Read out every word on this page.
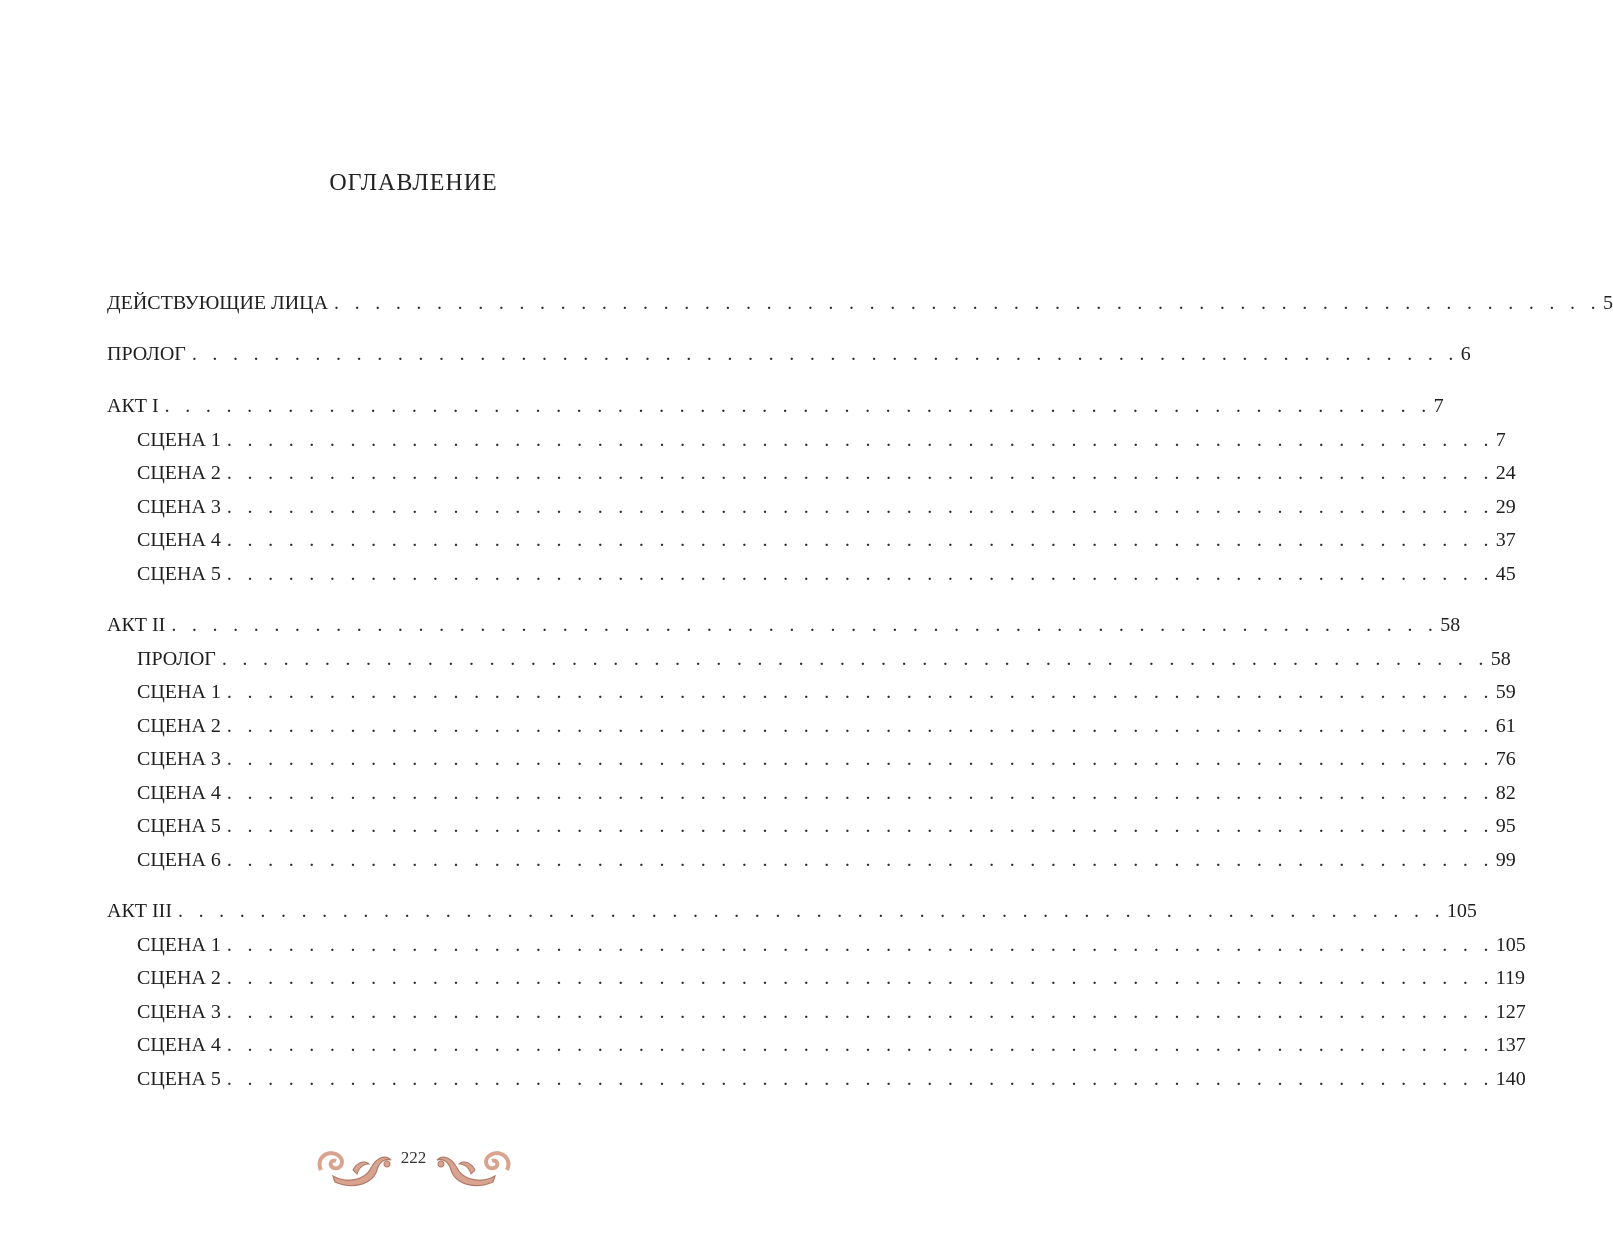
ОГЛАВЛЕНИЕ
ДЕЙСТВУЮЩИЕ ЛИЦА . . . . . . . . . . . . . . . . . . . . . . . . . . . . . . . . . . . . . . . . . . . . . . . . . . . . . . . . . . . . . . 5
ПРОЛОГ . . . . . . . . . . . . . . . . . . . . . . . . . . . . . . . . . . . . . . . . . . . . . . . . . . . . . . . . . . . . . . 6
АКТ I . . . . . . . . . . . . . . . . . . . . . . . . . . . . . . . . . . . . . . . . . . . . . . . . . . . . . . . . . . . . . . 7
СЦЕНА 1 . . . . . . . . . . . . . . . . . . . . . . . . . . . . . . . . . . . . . . . . . . . . . . . . . . . . . . . . . . . . . . 7
СЦЕНА 2 . . . . . . . . . . . . . . . . . . . . . . . . . . . . . . . . . . . . . . . . . . . . . . . . . . . . . . . . . . . . . . 24
СЦЕНА 3 . . . . . . . . . . . . . . . . . . . . . . . . . . . . . . . . . . . . . . . . . . . . . . . . . . . . . . . . . . . . . . 29
СЦЕНА 4 . . . . . . . . . . . . . . . . . . . . . . . . . . . . . . . . . . . . . . . . . . . . . . . . . . . . . . . . . . . . . . 37
СЦЕНА 5 . . . . . . . . . . . . . . . . . . . . . . . . . . . . . . . . . . . . . . . . . . . . . . . . . . . . . . . . . . . . . . 45
АКТ II . . . . . . . . . . . . . . . . . . . . . . . . . . . . . . . . . . . . . . . . . . . . . . . . . . . . . . . . . . . . . . 58
ПРОЛОГ . . . . . . . . . . . . . . . . . . . . . . . . . . . . . . . . . . . . . . . . . . . . . . . . . . . . . . . . . . . . . . 58
СЦЕНА 1 . . . . . . . . . . . . . . . . . . . . . . . . . . . . . . . . . . . . . . . . . . . . . . . . . . . . . . . . . . . . . . 59
СЦЕНА 2 . . . . . . . . . . . . . . . . . . . . . . . . . . . . . . . . . . . . . . . . . . . . . . . . . . . . . . . . . . . . . . 61
СЦЕНА 3 . . . . . . . . . . . . . . . . . . . . . . . . . . . . . . . . . . . . . . . . . . . . . . . . . . . . . . . . . . . . . . 76
СЦЕНА 4 . . . . . . . . . . . . . . . . . . . . . . . . . . . . . . . . . . . . . . . . . . . . . . . . . . . . . . . . . . . . . . 82
СЦЕНА 5 . . . . . . . . . . . . . . . . . . . . . . . . . . . . . . . . . . . . . . . . . . . . . . . . . . . . . . . . . . . . . . 95
СЦЕНА 6 . . . . . . . . . . . . . . . . . . . . . . . . . . . . . . . . . . . . . . . . . . . . . . . . . . . . . . . . . . . . . . 99
АКТ III . . . . . . . . . . . . . . . . . . . . . . . . . . . . . . . . . . . . . . . . . . . . . . . . . . . . . . . . . . . . . . 105
СЦЕНА 1 . . . . . . . . . . . . . . . . . . . . . . . . . . . . . . . . . . . . . . . . . . . . . . . . . . . . . . . . . . . . . . 105
СЦЕНА 2 . . . . . . . . . . . . . . . . . . . . . . . . . . . . . . . . . . . . . . . . . . . . . . . . . . . . . . . . . . . . . . 119
СЦЕНА 3 . . . . . . . . . . . . . . . . . . . . . . . . . . . . . . . . . . . . . . . . . . . . . . . . . . . . . . . . . . . . . . 127
СЦЕНА 4 . . . . . . . . . . . . . . . . . . . . . . . . . . . . . . . . . . . . . . . . . . . . . . . . . . . . . . . . . . . . . . 137
СЦЕНА 5 . . . . . . . . . . . . . . . . . . . . . . . . . . . . . . . . . . . . . . . . . . . . . . . . . . . . . . . . . . . . . . 140
222
